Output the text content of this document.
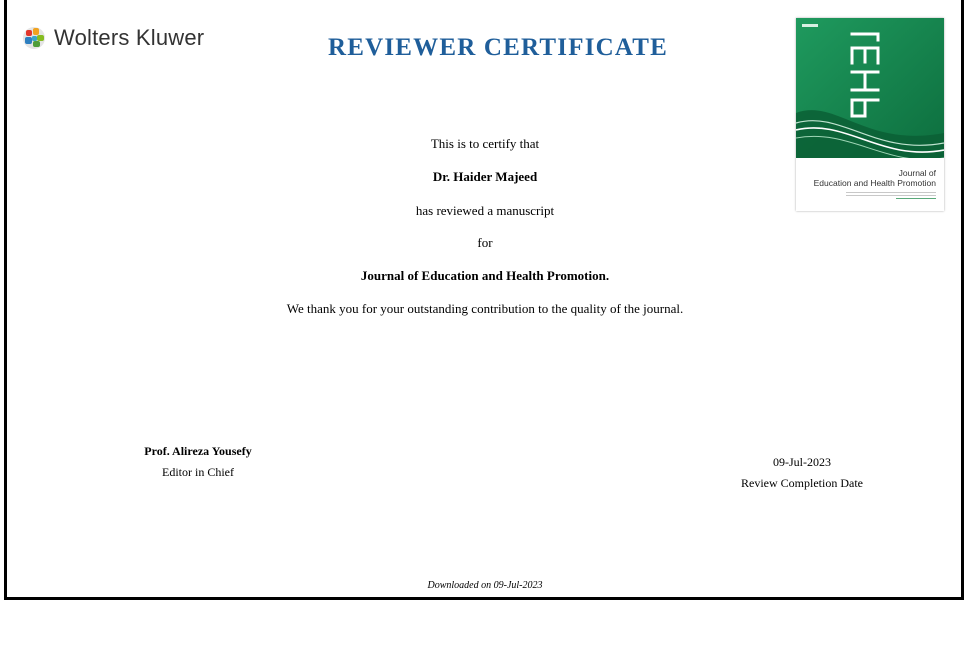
Wolters Kluwer	REVIEWER CERTIFICATE
Journal of
Education and Health Promotion
This is to certify that
Dr. Haider Majeed
has reviewed a manuscript
for
Journal of Education and Health Promotion.
We thank you for your outstanding contribution to the quality of the journal.
Prof. Alireza Yousefy
Editor in Chief
09-Jul-2023
Review Completion Date
Downloaded on 09-Jul-2023
